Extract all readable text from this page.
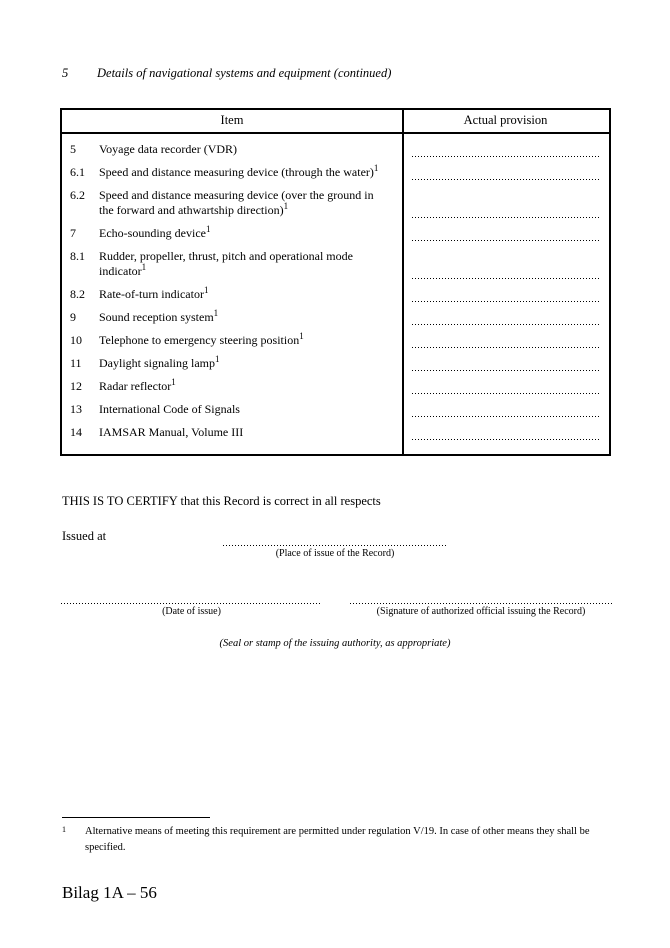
5	Details of navigational systems and equipment (continued)
Item	Actual provision
5	Voyage data recorder (VDR)
6.1	Speed and distance measuring device (through the water)$^1$
6.2	Speed and distance measuring device (over the ground in the forward and athwartship direction)$^1$
7	Echo-sounding device$^1$
8.1	Rudder, propeller, thrust, pitch and operational mode indicator$^1$
8.2	Rate-of-turn indicator$^1$
9	Sound reception system$^1$
10	Telephone to emergency steering position$^1$
11	Daylight signaling lamp$^1$
12	Radar reflector$^1$
13	International Code of Signals
14	IAMSAR Manual, Volume III
THIS IS TO CERTIFY that this Record is correct in all respects
Issued at
(Place of issue of the Record)
(Date of issue)	(Signature of authorized official issuing the Record)
(Seal or stamp of the issuing authority, as appropriate)
1	Alternative means of meeting this requirement are permitted under regulation V/19. In case of other means they shall be specified.
Bilag 1A – 56
